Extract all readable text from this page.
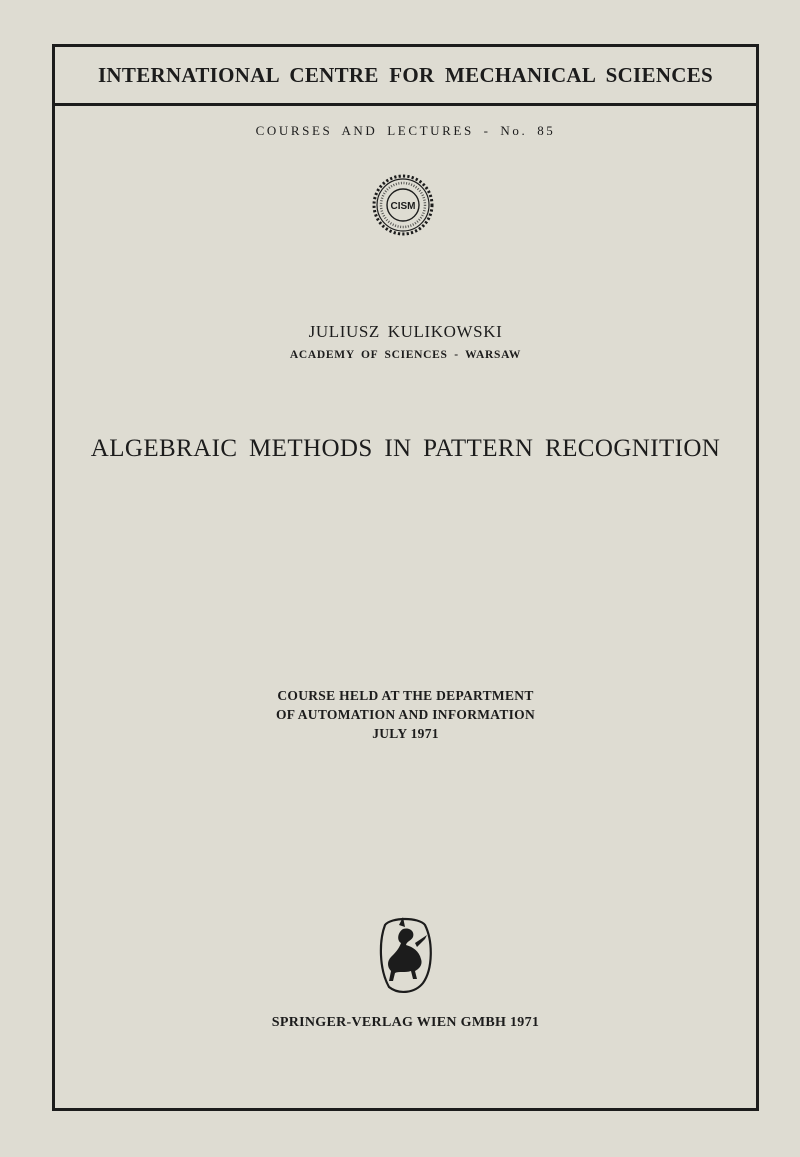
INTERNATIONAL CENTRE FOR MECHANICAL SCIENCES
COURSES AND LECTURES - No. 85
CISM
JULIUSZ KULIKOWSKI
ACADEMY OF SCIENCES - WARSAW
ALGEBRAIC METHODS IN PATTERN RECOGNITION
COURSE HELD AT THE DEPARTMENT
OF AUTOMATION AND INFORMATION
JULY 1971
SPRINGER-VERLAG WIEN GMBH 1971
